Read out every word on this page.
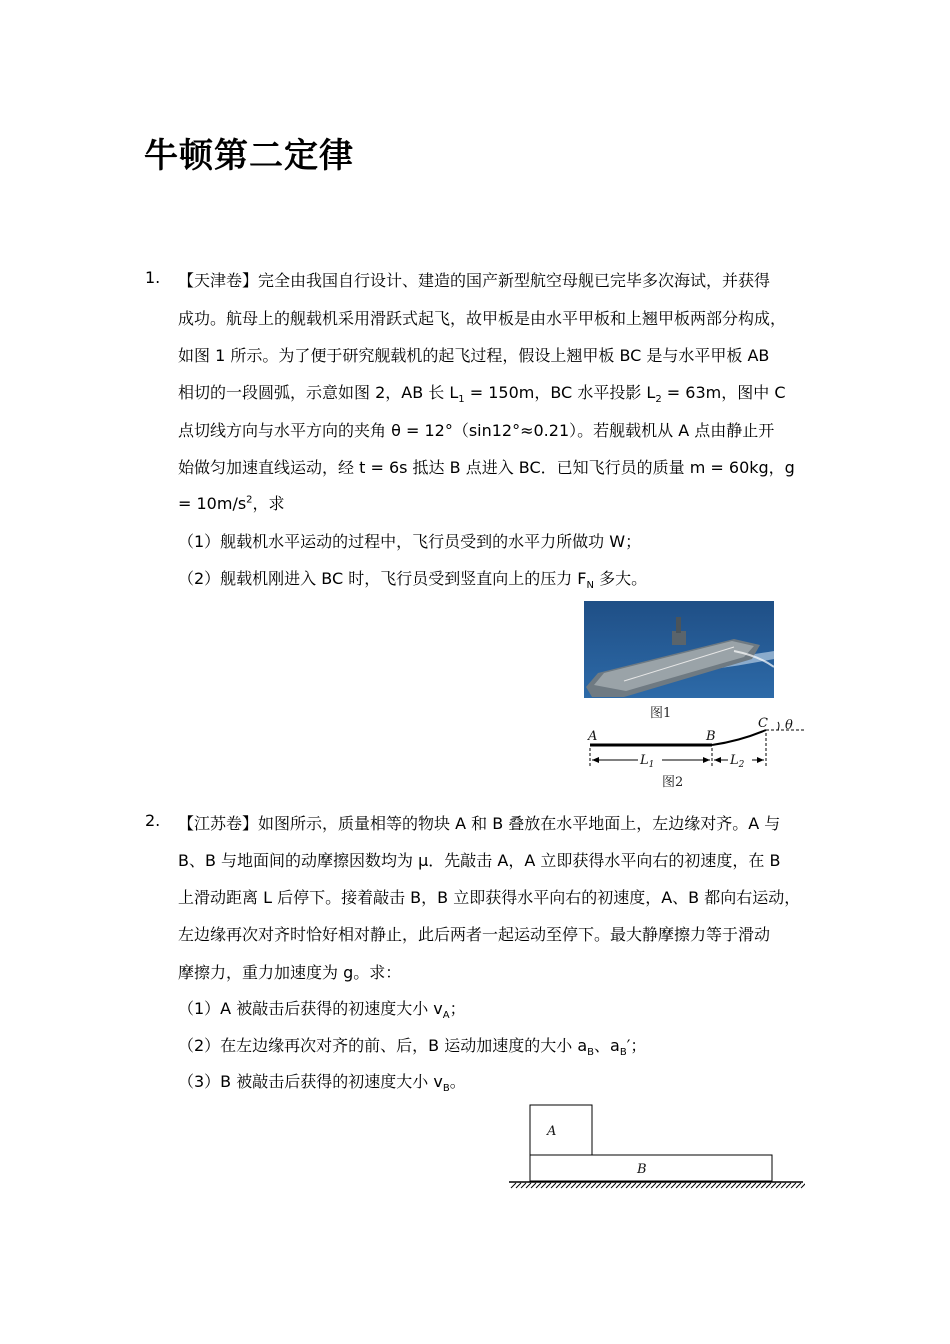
牛顿第二定律
1. 【天津卷】完全由我国自行设计、建造的国产新型航空母舰已完毕多次海试，并获得
成功。航母上的舰载机采用滑跃式起飞，故甲板是由水平甲板和上翘甲板两部分构成，
如图 1 所示。为了便于研究舰载机的起飞过程，假设上翘甲板 BC 是与水平甲板 AB
相切的一段圆弧，示意如图 2，AB 长 $L_1 = 150m$，BC 水平投影 $L_2 = 63m$，图中 C
点切线方向与水平方向的夹角 θ = 12°（sin12°≈0.21）。若舰载机从 A 点由静止开
始做匀加速直线运动，经 t = 6s 抵达 B 点进入 BC．已知飞行员的质量 m = 60kg，g
= $10m/s^2$，求
（1）舰载机水平运动的过程中，飞行员受到的水平力所做功 W；
（2）舰载机刚进入 BC 时，飞行员受到竖直向上的压力 $F_N$ 多大。
图1
A	B
C θ
$L_1$	$L_2$
图2
2. 【江苏卷】如图所示，质量相等的物块 A 和 B 叠放在水平地面上，左边缘对齐。A 与
B、B 与地面间的动摩擦因数均为 μ．先敲击 A，A 立即获得水平向右的初速度，在 B
上滑动距离 L 后停下。接着敲击 B，B 立即获得水平向右的初速度，A、B 都向右运动，
左边缘再次对齐时恰好相对静止，此后两者一起运动至停下。最大静摩擦力等于滑动
摩擦力，重力加速度为 g。求：
（1）A 被敲击后获得的初速度大小 $v_A$；
（2）在左边缘再次对齐的前、后，B 运动加速度的大小 $a_B$、$a_B'$；
（3）B 被敲击后获得的初速度大小 $v_B$。
A
B
